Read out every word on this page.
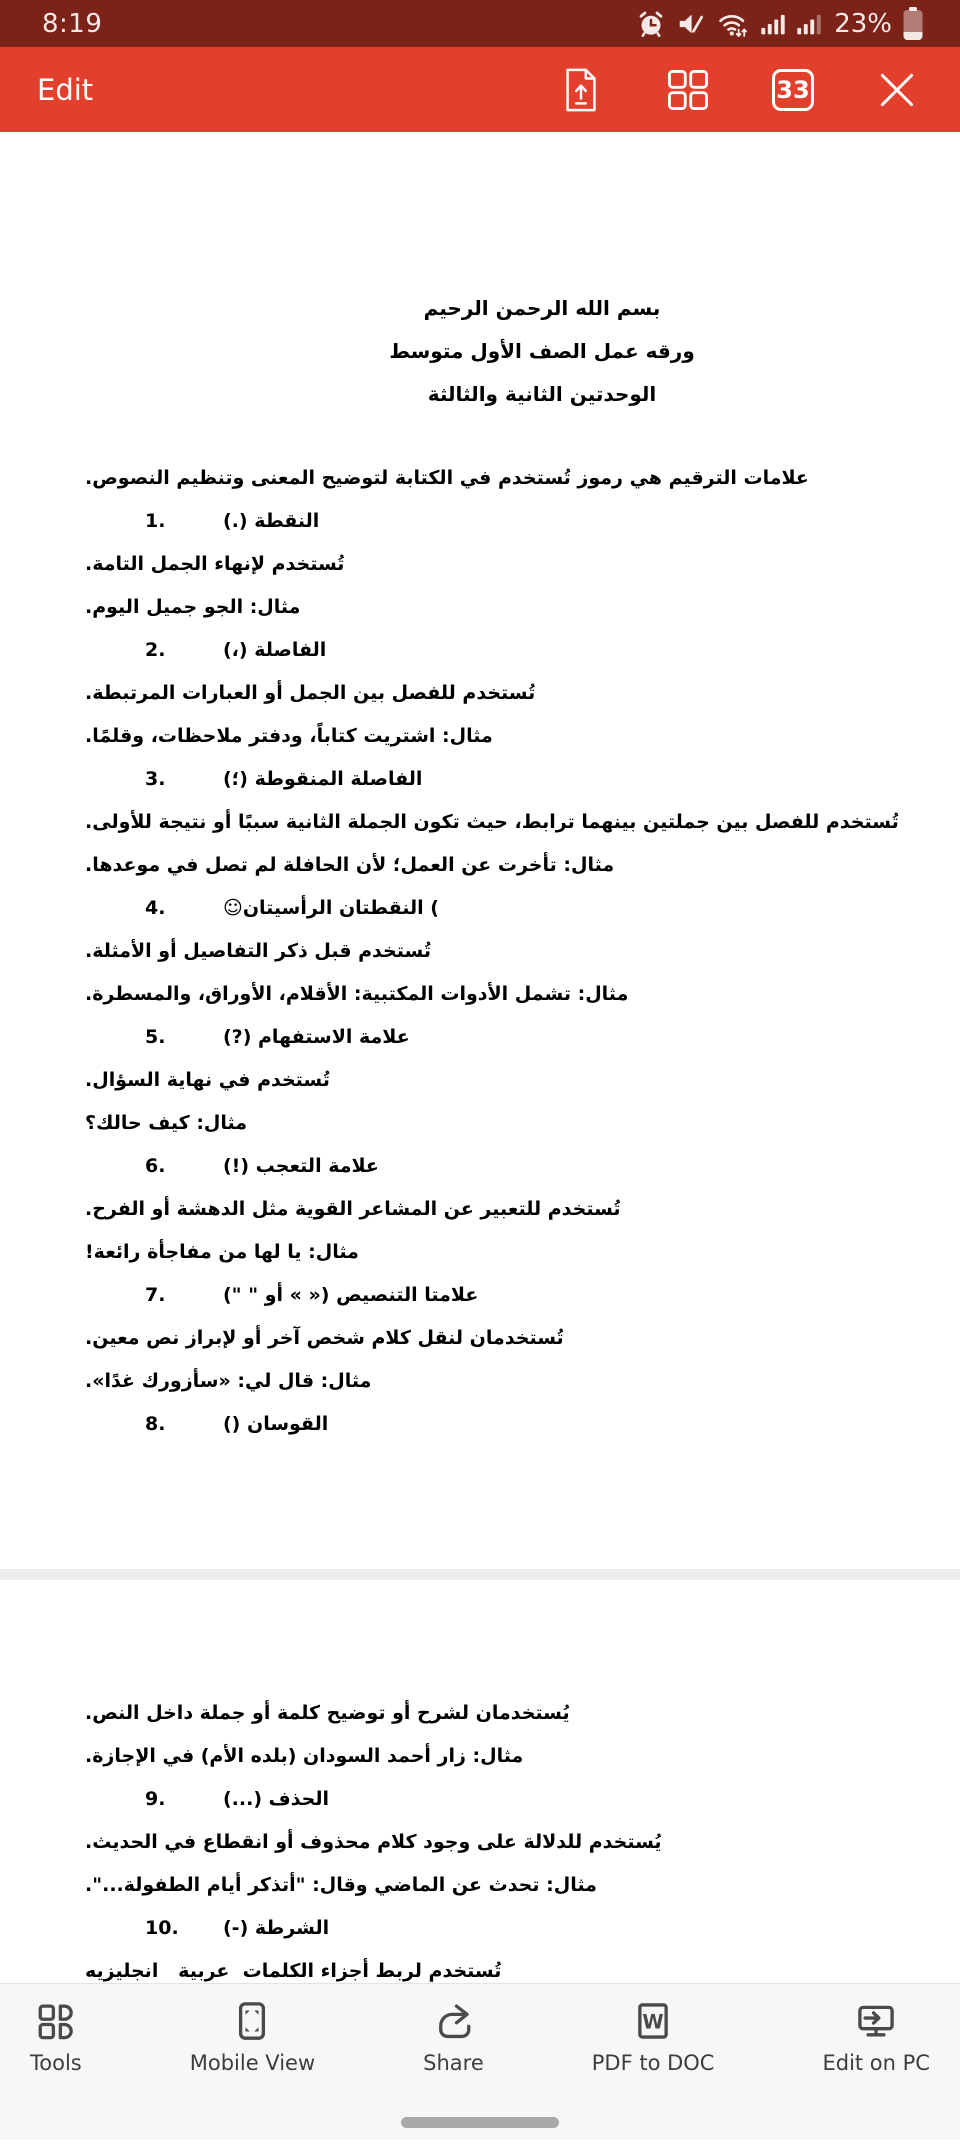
8:19	23%
Edit	33
بسم الله الرحمن الرحيم
ورقه عمل الصف الأول متوسط
الوحدتين الثانية والثالثة
علامات الترقيم هي رموز تُستخدم في الكتابة لتوضيح المعنى وتنظيم النصوص.
1.	النقطة (.)
تُستخدم لإنهاء الجمل التامة.
مثال: الجو جميل اليوم.
2.	الفاصلة (،)
تُستخدم للفصل بين الجمل أو العبارات المرتبطة.
مثال: اشتريت كتاباً، ودفتر ملاحظات، وقلمًا.
3.	الفاصلة المنقوطة (؛)
تُستخدم للفصل بين جملتين بينهما ترابط، حيث تكون الجملة الثانية سببًا أو نتيجة للأولى.
مثال: تأخرت عن العمل؛ لأن الحافلة لم تصل في موعدها.
4.	☺النقطتان الرأسيتان (
تُستخدم قبل ذكر التفاصيل أو الأمثلة.
مثال: تشمل الأدوات المكتبية: الأقلام، الأوراق، والمسطرة.
5.	علامة الاستفهام (?)
تُستخدم في نهاية السؤال.
مثال: كيف حالك؟
6.	علامة التعجب (!)
تُستخدم للتعبير عن المشاعر القوية مثل الدهشة أو الفرح.
مثال: يا لها من مفاجأة رائعة!
7.	علامتا التنصيص (« » أو " ")
تُستخدمان لنقل كلام شخص آخر أو لإبراز نص معين.
مثال: قال لي: «سأزورك غدًا».
8.	القوسان ()
يُستخدمان لشرح أو توضيح كلمة أو جملة داخل النص.
مثال: زار أحمد السودان (بلده الأم) في الإجازة.
9.	الحذف (...)
يُستخدم للدلالة على وجود كلام محذوف أو انقطاع في الحديث.
مثال: تحدث عن الماضي وقال: "أتذكر أيام الطفولة...".
10.	الشرطة (-)
تُستخدم لربط أجزاء الكلمات  عربية   انجليزيه
Tools	Mobile View	Share
W
PDF to DOC	Edit on PC
